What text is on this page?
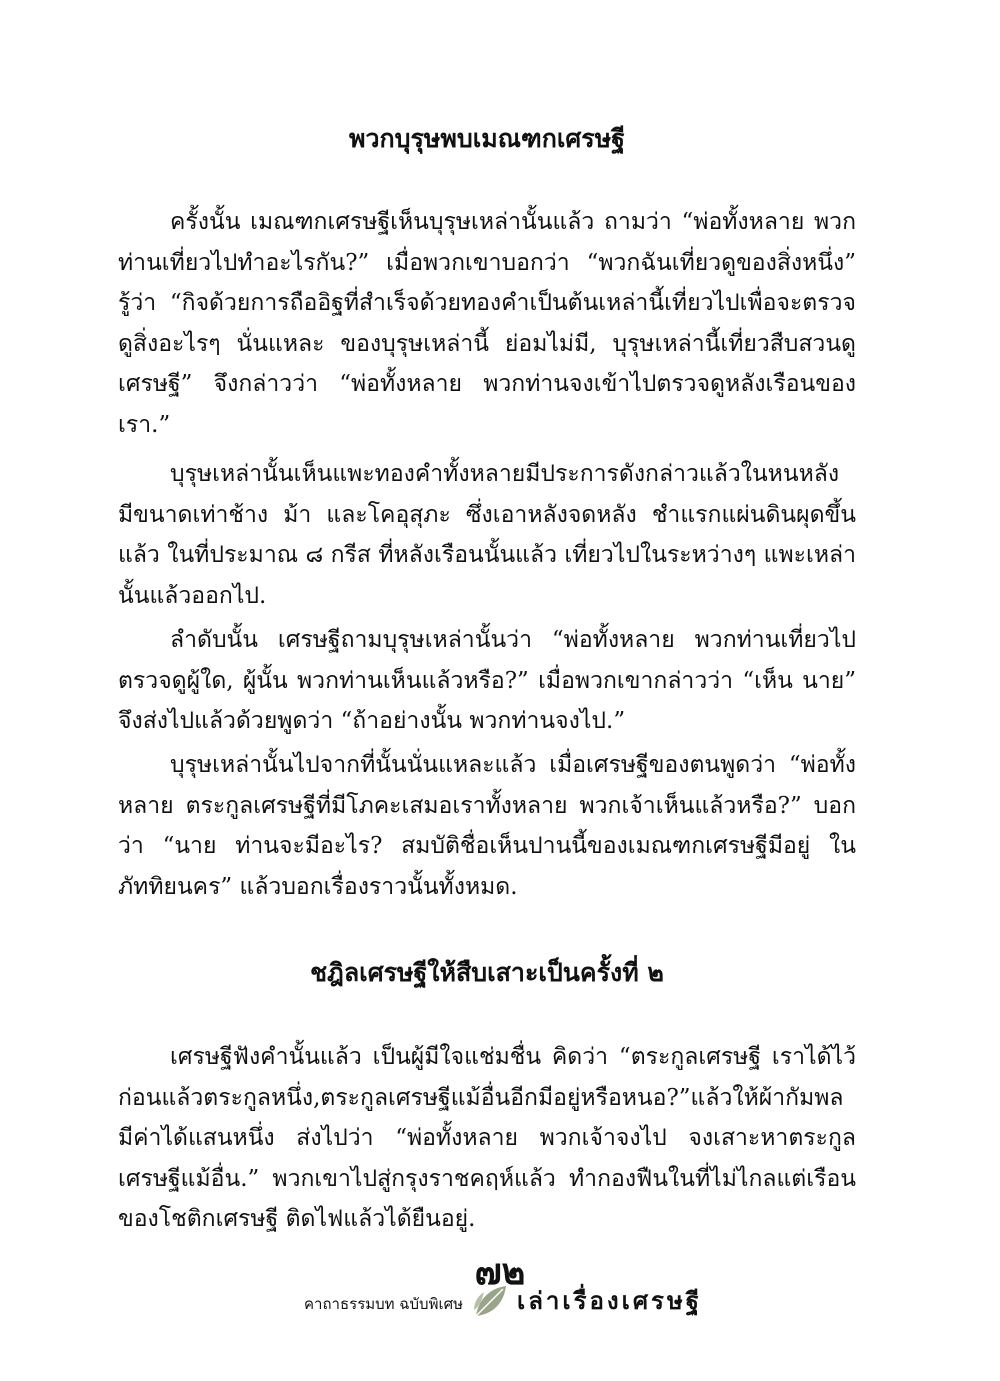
พวกบุรุษพบเมณฑกเศรษฐี

ครั้งนั้น เมณฑกเศรษฐีเห็นบุรุษเหล่านั้นแล้ว ถามว่า “พ่อทั้งหลาย พวกท่านเที่ยวไปทำอะไรกัน?” เมื่อพวกเขาบอกว่า “พวกฉันเที่ยวดูของสิ่งหนึ่ง” รู้ว่า “กิจด้วยการถืออิฐที่สำเร็จด้วยทองคำเป็นต้นเหล่านี้เที่ยวไปเพื่อจะตรวจดูสิ่งอะไรๆ นั่นแหละ ของบุรุษเหล่านี้ ย่อมไม่มี, บุรุษเหล่านี้เที่ยวสืบสวนดูเศรษฐี” จึงกล่าวว่า “พ่อทั้งหลาย พวกท่านจงเข้าไปตรวจดูหลังเรือนของเรา.”

บุรุษเหล่านั้นเห็นแพะทองคำทั้งหลายมีประการดังกล่าวแล้วในหนหลัง มีขนาดเท่าช้าง ม้า และโคอุสุภะ ซึ่งเอาหลังจดหลัง ชำแรกแผ่นดินผุดขึ้นแล้ว ในที่ประมาณ ๘ กรีส ที่หลังเรือนนั้นแล้ว เที่ยวไปในระหว่างๆ แพะเหล่านั้นแล้วออกไป.

ลำดับนั้น เศรษฐีถามบุรุษเหล่านั้นว่า “พ่อทั้งหลาย พวกท่านเที่ยวไปตรวจดูผู้ใด, ผู้นั้น พวกท่านเห็นแล้วหรือ?” เมื่อพวกเขากล่าวว่า “เห็น นาย” จึงส่งไปแล้วด้วยพูดว่า “ถ้าอย่างนั้น พวกท่านจงไป.”

บุรุษเหล่านั้นไปจากที่นั้นนั่นแหละแล้ว เมื่อเศรษฐีของตนพูดว่า “พ่อทั้งหลาย ตระกูลเศรษฐีที่มีโภคะเสมอเราทั้งหลาย พวกเจ้าเห็นแล้วหรือ?” บอกว่า “นาย ท่านจะมีอะไร? สมบัติชื่อเห็นปานนี้ของเมณฑกเศรษฐีมีอยู่ ในภัททิยนคร” แล้วบอกเรื่องราวนั้นทั้งหมด.

ชฎิลเศรษฐีให้สืบเสาะเป็นครั้งที่ ๒

เศรษฐีฟังคำนั้นแล้ว เป็นผู้มีใจแช่มชื่น คิดว่า “ตระกูลเศรษฐี เราได้ไว้ก่อนแล้วตระกูลหนึ่ง,ตระกูลเศรษฐีแม้อื่นอีกมีอยู่หรือหนอ?”แล้วให้ผ้ากัมพลมีค่าได้แสนหนึ่ง ส่งไปว่า “พ่อทั้งหลาย พวกเจ้าจงไป จงเสาะหาตระกูลเศรษฐีแม้อื่น.” พวกเขาไปสู่กรุงราชคฤห์แล้ว ทำกองฟืนในที่ไม่ไกลแต่เรือนของโชติกเศรษฐี ติดไฟแล้วได้ยืนอยู่.

๗๒
คาถาธรรมบท ฉบับพิเศษ เล่าเรื่องเศรษฐี
